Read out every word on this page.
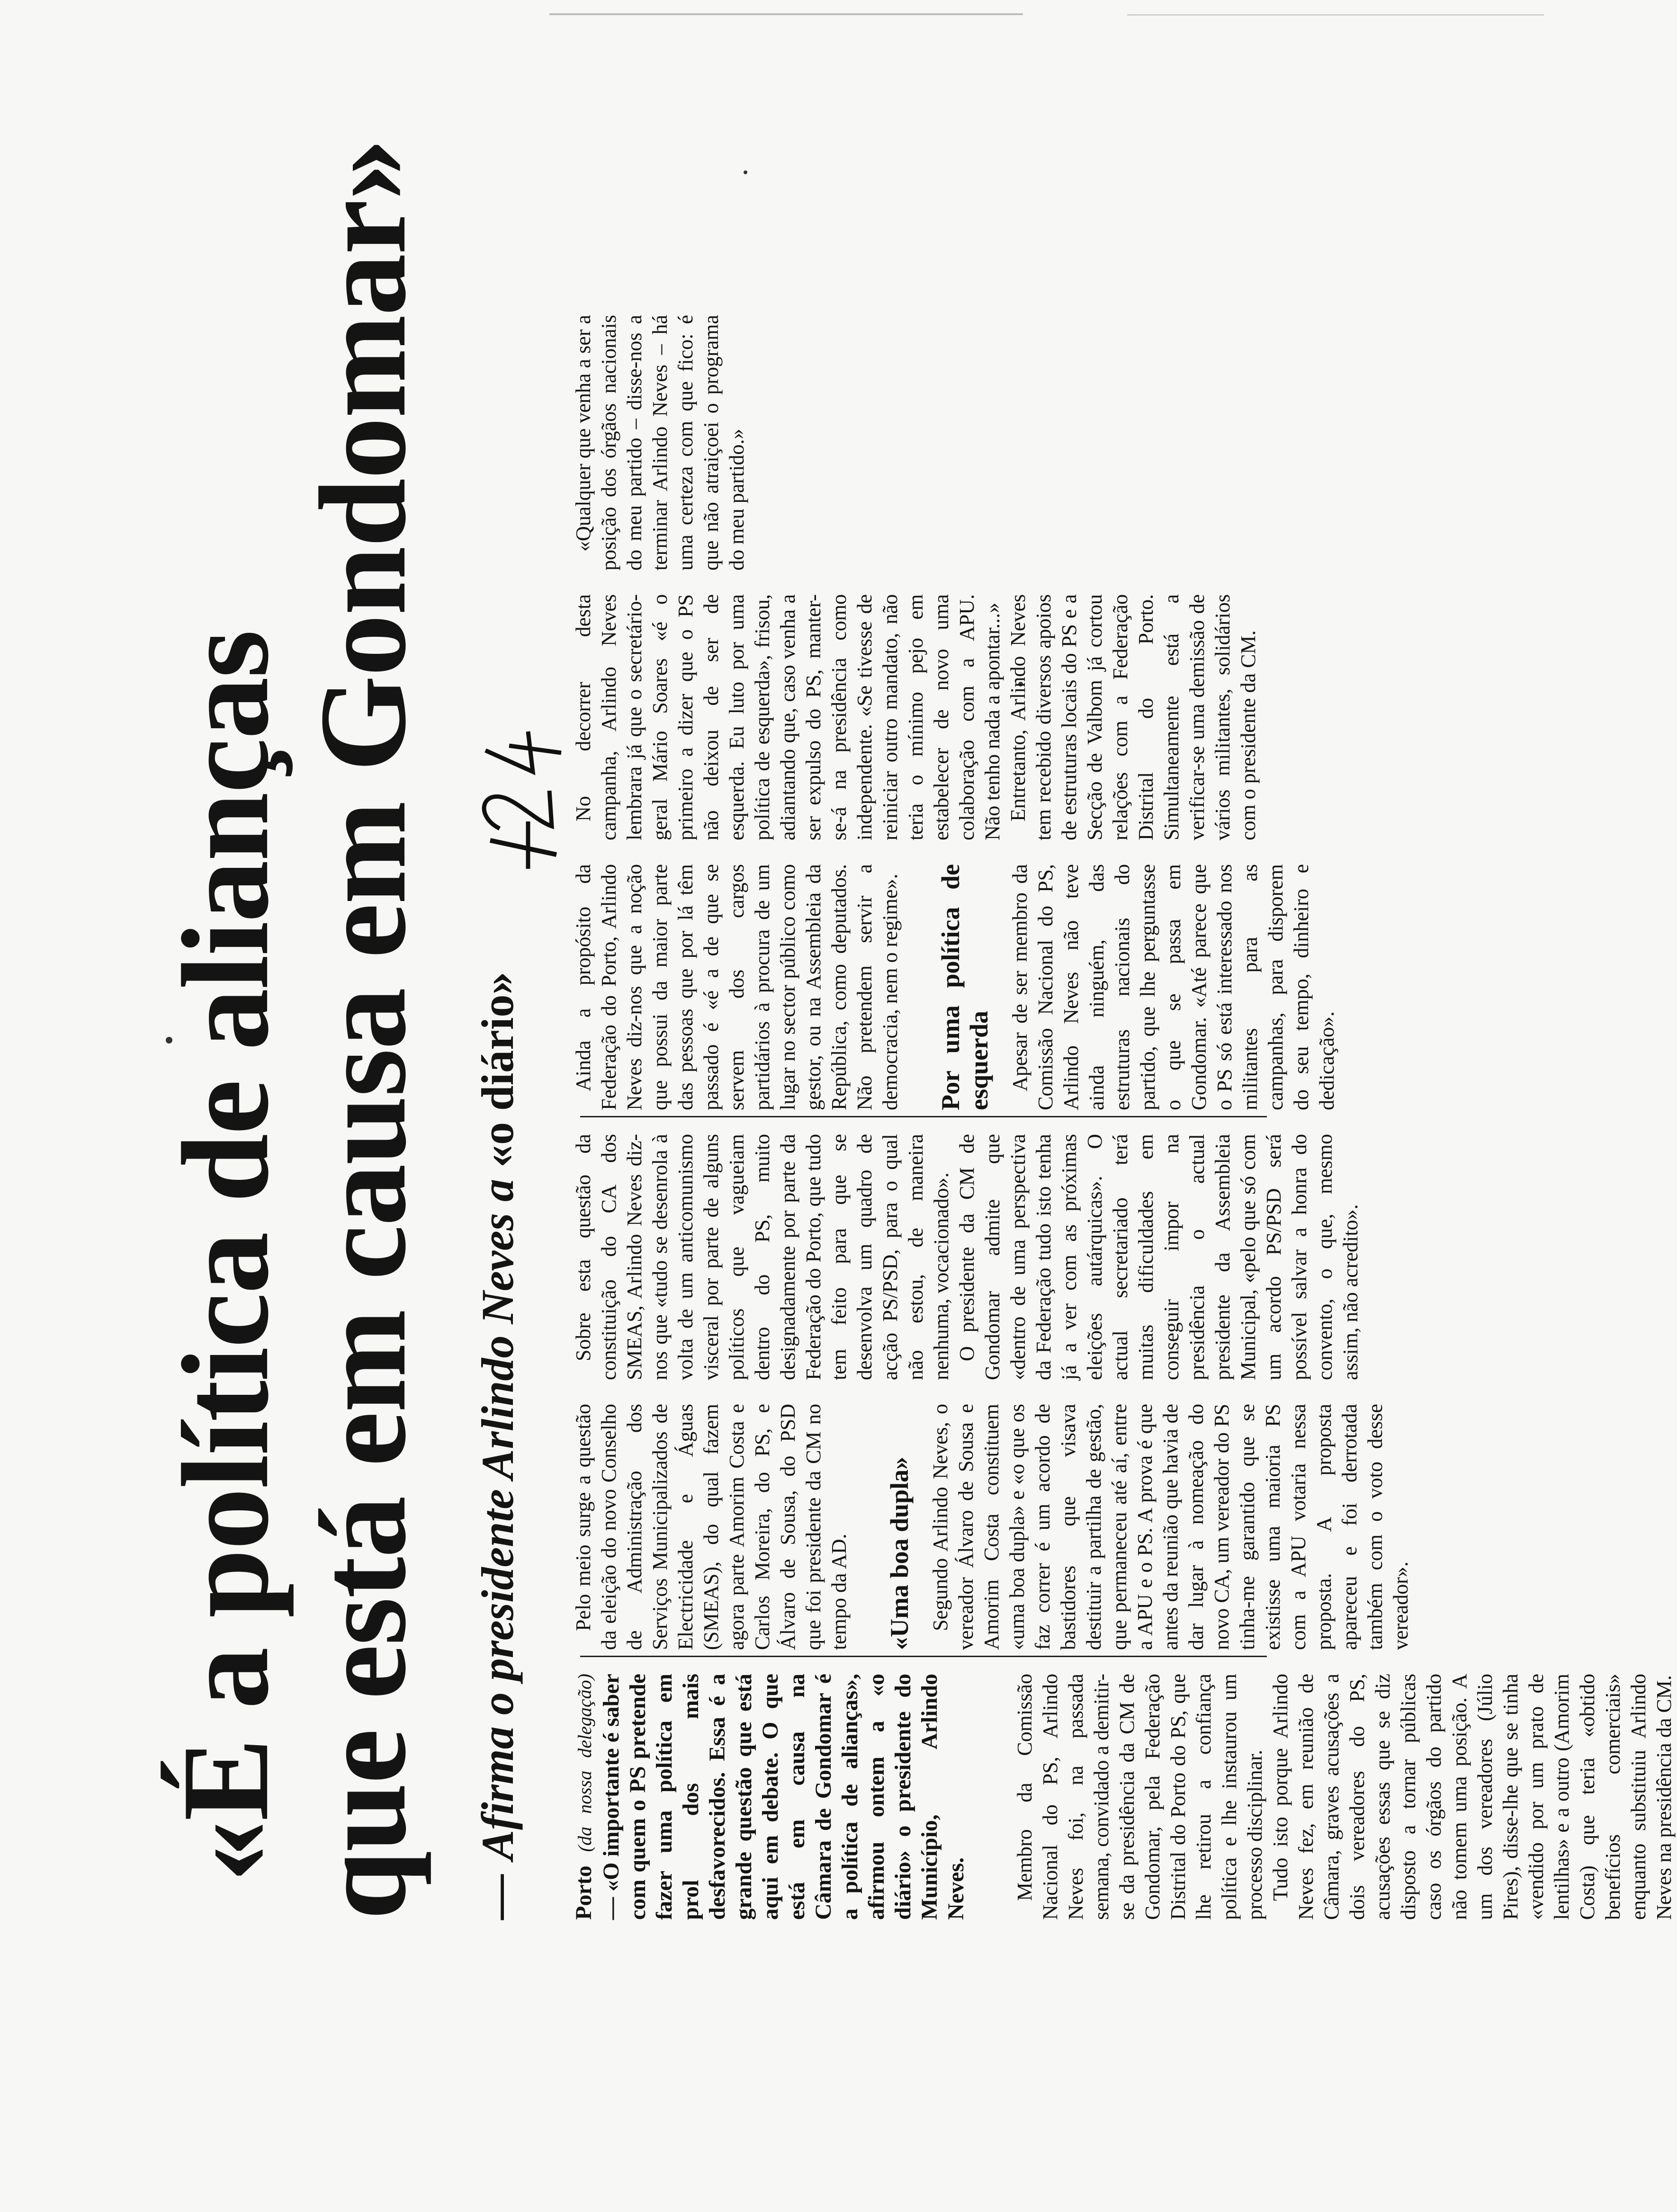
«É a política de alianças que está em causa em Gondomar» —Afirma o presidente Arlindo Neves a «o diário»

Porto (da nossa delegação) — «O importante é saber com quem o PS pretende fazer uma política em prol dos mais desfavorecidos. Essa é a grande questão que está aqui em debate. O que está em causa na Câmara de Gondomar é a política de alianças», afirmou ontem a «o diário» o presidente do Município, Arlindo Neves. Membro da Comissão Nacional do PS, Arlindo Neves foi, na passada semana, convidado a demitir-se da presidência da CM de Gondomar, pela Federação Distrital do Porto do PS, que lhe retirou a confiança política e lhe instaurou um processo disciplinar. Tudo isto porque Arlindo Neves fez, em reunião de Câmara, graves acusações a dois vereadores do PS, acusações essas que se diz disposto a tornar públicas caso os órgãos do partido não tomem uma posição. A um dos vereadores (Júlio Pires), disse-lhe que se tinha «vendido por um prato de lentilhas» e a outro (Amorim Costa) que teria «obtido benefícios comerciais» enquanto substituiu Arlindo Neves na presidência da CM.

Pelo meio surge a questão da eleição do novo Conselho de Administração dos Serviços Municipalizados de Electricidade e Águas (SMEAS), do qual fazem agora parte Amorim Costa e Carlos Moreira, do PS, e Álvaro de Sousa, do PSD que foi presidente da CM no tempo da AD. «Uma boa dupla» Segundo Arlindo Neves, o vereador Álvaro de Sousa e Amorim Costa constituem «uma boa dupla» e «o que os faz correr é um acordo de bastidores que visava destituir a partilha de gestão, que permaneceu até aí, entre a APU e o PS. A prova é que antes da reunião que havia de dar lugar à nomeação do novo CA, um vereador do PS tinha-me garantido que se existisse uma maioria PS com a APU votaria nessa proposta. A proposta apareceu e foi derrotada também com o voto desse vereador».

Sobre esta questão da constituição do CA dos SMEAS, Arlindo Neves diz-nos que «tudo se desenrola à volta de um anticomunismo visceral por parte de alguns políticos que vagueiam dentro do PS, muito designadamente por parte da Federação do Porto, que tudo tem feito para que se desenvolva um quadro de acção PS/PSD, para o qual não estou, de maneira nenhuma, vocacionado». O presidente da CM de Gondomar admite que «dentro de uma perspectiva da Federação tudo isto tenha já a ver com as próximas eleições autárquicas». O actual secretariado terá muitas dificuldades em conseguir impor na presidência o actual presidente da Assembleia Municipal, «pelo que só com um acordo PS/PSD será possível salvar a honra do convento, o que, mesmo assim, não acredito».

Ainda a propósito da Federação do Porto, Arlindo Neves diz-nos que a noção que possui da maior parte das pessoas que por lá têm passado é «é a de que se servem dos cargos partidários à procura de um lugar no sector público como gestor, ou na Assembleia da República, como deputados. Não pretendem servir a democracia, nem o regime». Por uma política de esquerda Apesar de ser membro da Comissão Nacional do PS, Arlindo Neves não teve ainda ninguém, das estruturas nacionais do partido, que lhe perguntasse o que se passa em Gondomar. «Até parece que o PS só está interessado nos militantes para as campanhas, para disporem do seu tempo, dinheiro e dedicação».

No decorrer desta campanha, Arlindo Neves lembrara já que o secretário-geral Mário Soares «é o primeiro a dizer que o PS não deixou de ser de esquerda. Eu luto por uma política de esquerda», frisou, adiantando que, caso venha a ser expulso do PS, manter-se-á na presidência como independente. «Se tivesse de reiniciar outro mandato, não teria o mínimo pejo em estabelecer de novo uma colaboração com a APU. Não tenho nada a apontar...» Entretanto, Arlindo Neves tem recebido diversos apoios de estruturas locais do PS e a Secção de Valbom já cortou relações com a Federação Distrital do Porto. Simultaneamente está a verificar-se uma demissão de vários militantes, solidários com o presidente da CM.

«Qualquer que venha a ser a posição dos órgãos nacionais do meu partido – disse-nos a terminar Arlindo Neves – há uma certeza com que fico: é que não atraiçoei o programa do meu partido.»
